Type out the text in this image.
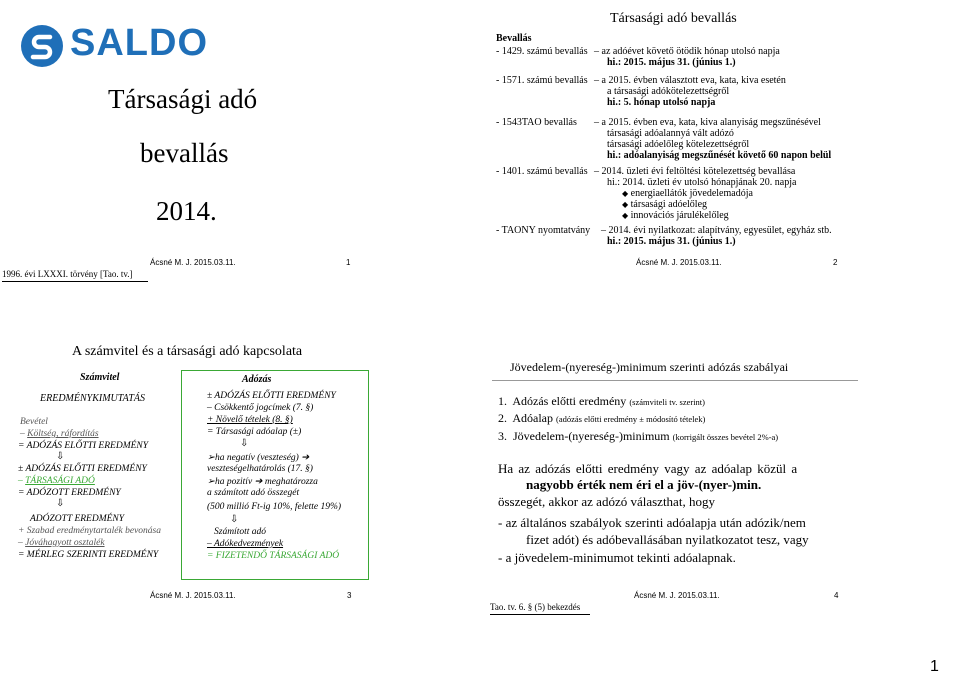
SALDO
Társasági adó
bevallás
2014.
Ácsné M. J. 2015.03.11.	1
1996. évi LXXXI. törvény [Tao. tv.]
Társasági adó bevallás
Bevallás
- 1429. számú bevallás – az adóévet követő ötödik hónap utolsó napja
hi.: 2015. május 31. (június 1.)
- 1571. számú bevallás – a 2015. évben választott eva, kata, kiva esetén
a társasági adókötelezettségről
hi.: 5. hónap utolsó napja
- 1543TAO bevallás – a 2015. évben eva, kata, kiva alanyiság megszűnésével
társasági adóalannyá vált adózó
társasági adóelőleg kötelezettségről
hi.: adóalanyiság megszűnését követő 60 napon belül
- 1401. számú bevallás – 2014. üzleti évi feltöltési kötelezettség bevallása
hi.: 2014. üzleti év utolsó hónapjának 20. napja
◆ energiaellátók jövedelemadója
◆ társasági adóelőleg
◆ innovációs járulékelőleg
- TAONY nyomtatvány – 2014. évi nyilatkozat: alapítvány, egyesület, egyház stb.
hi.: 2015. május 31. (június 1.)
Ácsné M. J. 2015.03.11.	2
A számvitel és a társasági adó kapcsolata
Számvitel	Adózás
EREDMÉNYKIMUTATÁS
Bevétel
– Költség, ráfordítás
= ADÓZÁS ELŐTTI EREDMÉNY
⇩
± ADÓZÁS ELŐTTI EREDMÉNY
– TÁRSASÁGI ADÓ
= ADÓZOTT EREDMÉNY
⇩
ADÓZOTT EREDMÉNY
+ Szabad eredménytartalék bevonása
– Jóváhagyott osztalék
= MÉRLEG SZERINTI EREDMÉNY
± ADÓZÁS ELŐTTI EREDMÉNY
– Csökkentő jogcímek (7. §)
+ Növelő tételek (8. §)
= Társasági adóalap (±)
⇩
➢ha negatív (veszteség) ➔
veszteségelhatárolás (17. §)
➢ha pozitív ➔ meghatározza
a számított adó összegét
(500 millió Ft-ig 10%, felette 19%)
⇩
Számított adó
– Adókedvezmények
= FIZETENDŐ TÁRSASÁGI ADÓ
Ácsné M. J. 2015.03.11.	3
Jövedelem-(nyereség-)minimum szerinti adózás szabályai
1. Adózás előtti eredmény (számviteli tv. szerint)
2. Adóalap (adózás előtti eredmény ± módosító tételek)
3. Jövedelem-(nyereség-)minimum (korrigált összes bevétel 2%-a)
Ha az adózás előtti eredmény vagy az adóalap közül a
nagyobb érték nem éri el a jöv-(nyer-)min.
összegét, akkor az adózó választhat, hogy
- az általános szabályok szerinti adóalapja után adózik/nem
fizet adót) és adóbevallásában nyilatkozatot tesz, vagy
- a jövedelem-minimumot tekinti adóalapnak.
Ácsné M. J. 2015.03.11.	4
Tao. tv. 6. § (5) bekezdés
1
